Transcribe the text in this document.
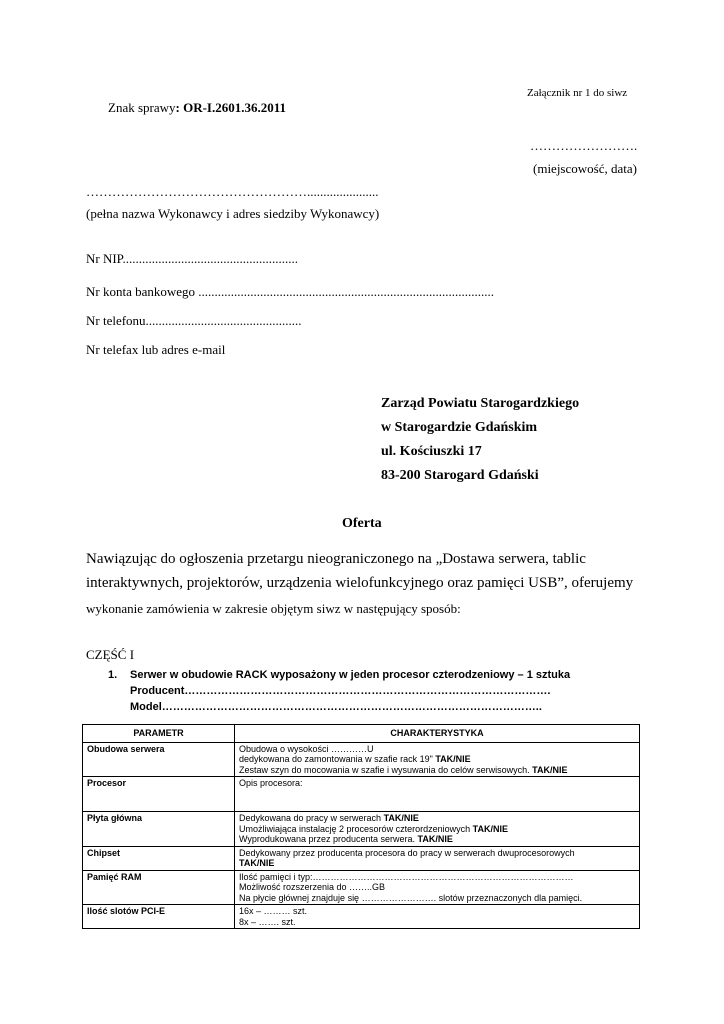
Załącznik nr 1 do siwz
Znak sprawy: OR-I.2601.36.2011
…………………….
(miejscowość, data)
……………………………………………......................
(pełna nazwa Wykonawcy i adres siedziby Wykonawcy)
Nr NIP......................................................
Nr konta bankowego ...........................................................................................
Nr telefonu................................................
Nr telefax lub adres e-mail
Zarząd Powiatu Starogardzkiego
w Starogardzie Gdańskim
ul. Kościuszki 17
83-200 Starogard Gdański
Oferta
Nawiązując do ogłoszenia przetargu nieograniczonego na „Dostawa serwera, tablic
interaktywnych, projektorów, urządzenia wielofunkcyjnego oraz pamięci USB”, oferujemy
wykonanie zamówienia w zakresie objętym siwz w następujący sposób:
CZĘŚĆ I
1. Serwer w obudowie RACK wyposażony w jeden procesor czterodzeniowy – 1 sztuka
Producent……………………………………………………………………………………….
Model…………………………………………………………………………………………..
PARAMETR	CHARAKTERYSTYKA
Obudowa serwera	Obudowa o wysokości …………U
dedykowana do zamontowania w szafie rack 19" TAK/NIE
Zestaw szyn do mocowania w szafie i wysuwania do celów serwisowych. TAK/NIE

Procesor	Opis procesora:

Płyta główna	Dedykowana do pracy w serwerach TAK/NIE
Umożliwiająca instalację 2 procesorów czterordzeniowych TAK/NIE
Wyprodukowana przez producenta serwera. TAK/NIE

Chipset	Dedykowany przez producenta procesora do pracy w serwerach dwuprocesorowych
TAK/NIE

Pamięć RAM	Ilość pamięci i typ:……………………………………………………………………………
Możliwość rozszerzenia do ……..GB
Na płycie głównej znajduje się ……………………. slotów przeznaczonych dla pamięci.

Ilość slotów PCI-E	16x – ……… szt.
8x – ……. szt.
